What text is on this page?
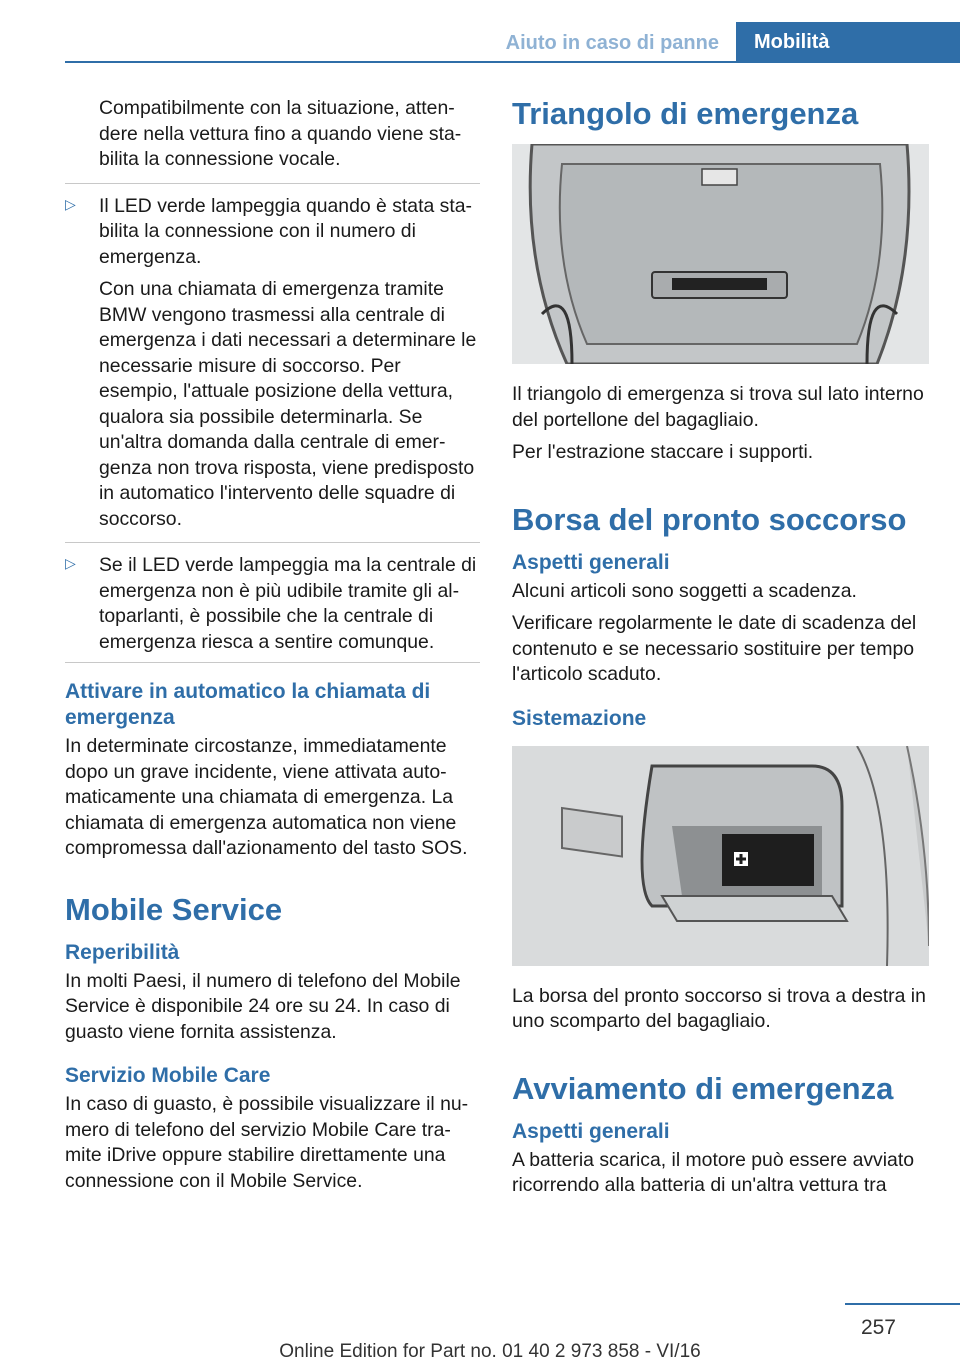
Aiuto in caso di panne	Mobilità

Compatibilmente con la situazione, attendere nella vettura fino a quando viene stabilita la connessione vocale.

▷ Il LED verde lampeggia quando è stata stabilita la connessione con il numero di emergenza.

Con una chiamata di emergenza tramite BMW vengono trasmessi alla centrale di emergenza i dati necessari a determinare le necessarie misure di soccorso. Per esempio, l'attuale posizione della vettura, qualora sia possibile determinarla. Se un'altra domanda dalla centrale di emergenza non trova risposta, viene predisposto in automatico l'intervento delle squadre di soccorso.

▷ Se il LED verde lampeggia ma la centrale di emergenza non è più udibile tramite gli altoparlanti, è possibile che la centrale di emergenza riesca a sentire comunque.

Attivare in automatico la chiamata di emergenza

In determinate circostanze, immediatamente dopo un grave incidente, viene attivata automaticamente una chiamata di emergenza. La chiamata di emergenza automatica non viene compromessa dall'azionamento del tasto SOS.

Mobile Service
Reperibilità

In molti Paesi, il numero di telefono del Mobile Service è disponibile 24 ore su 24. In caso di guasto viene fornita assistenza.

Servizio Mobile Care

In caso di guasto, è possibile visualizzare il numero di telefono del servizio Mobile Care tramite iDrive oppure stabilire direttamente una connessione con il Mobile Service.

Triangolo di emergenza

Il triangolo di emergenza si trova sul lato interno del portellone del bagagliaio.

Per l'estrazione staccare i supporti.

Borsa del pronto soccorso
Aspetti generali

Alcuni articoli sono soggetti a scadenza.

Verificare regolarmente le date di scadenza del contenuto e se necessario sostituire per tempo l'articolo scaduto.

Sistemazione

La borsa del pronto soccorso si trova a destra in uno scomparto del bagagliaio.

Avviamento di emergenza
Aspetti generali

A batteria scarica, il motore può essere avviato ricorrendo alla batteria di un'altra vettura tra

257
Online Edition for Part no. 01 40 2 973 858 - VI/16
